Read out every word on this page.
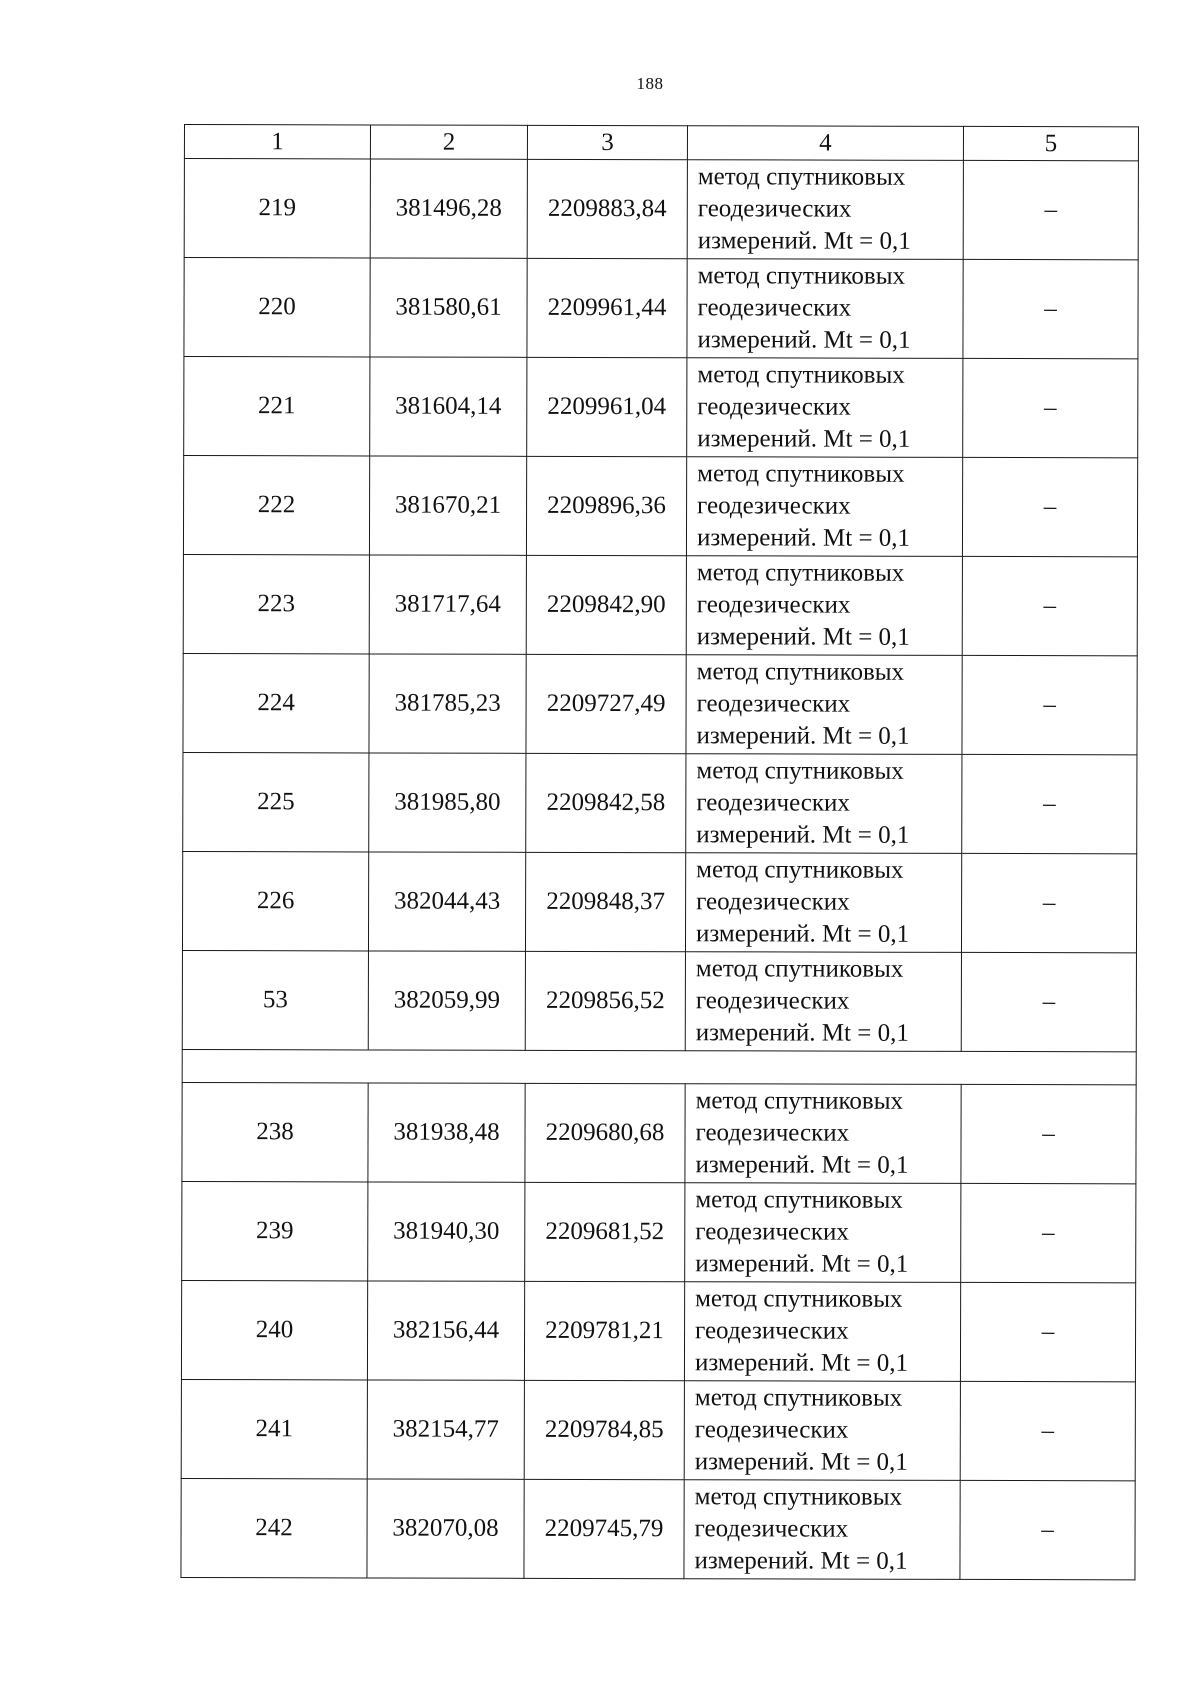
188
1	2	3	4	5
219	381496,28	2209883,84	метод спутниковых
геодезических
измерений. Mt = 0,1	–
220	381580,61	2209961,44	метод спутниковых
геодезических
измерений. Mt = 0,1	–
221	381604,14	2209961,04	метод спутниковых
геодезических
измерений. Mt = 0,1	–
222	381670,21	2209896,36	метод спутниковых
геодезических
измерений. Mt = 0,1	–
223	381717,64	2209842,90	метод спутниковых
геодезических
измерений. Mt = 0,1	–
224	381785,23	2209727,49	метод спутниковых
геодезических
измерений. Mt = 0,1	–
225	381985,80	2209842,58	метод спутниковых
геодезических
измерений. Mt = 0,1	–
226	382044,43	2209848,37	метод спутниковых
геодезических
измерений. Mt = 0,1	–
53	382059,99	2209856,52	метод спутниковых
геодезических
измерений. Mt = 0,1	–

238	381938,48	2209680,68	метод спутниковых
геодезических
измерений. Mt = 0,1	–
239	381940,30	2209681,52	метод спутниковых
геодезических
измерений. Mt = 0,1	–
240	382156,44	2209781,21	метод спутниковых
геодезических
измерений. Mt = 0,1	–
241	382154,77	2209784,85	метод спутниковых
геодезических
измерений. Mt = 0,1	–
242	382070,08	2209745,79	метод спутниковых
геодезических
измерений. Mt = 0,1	–
